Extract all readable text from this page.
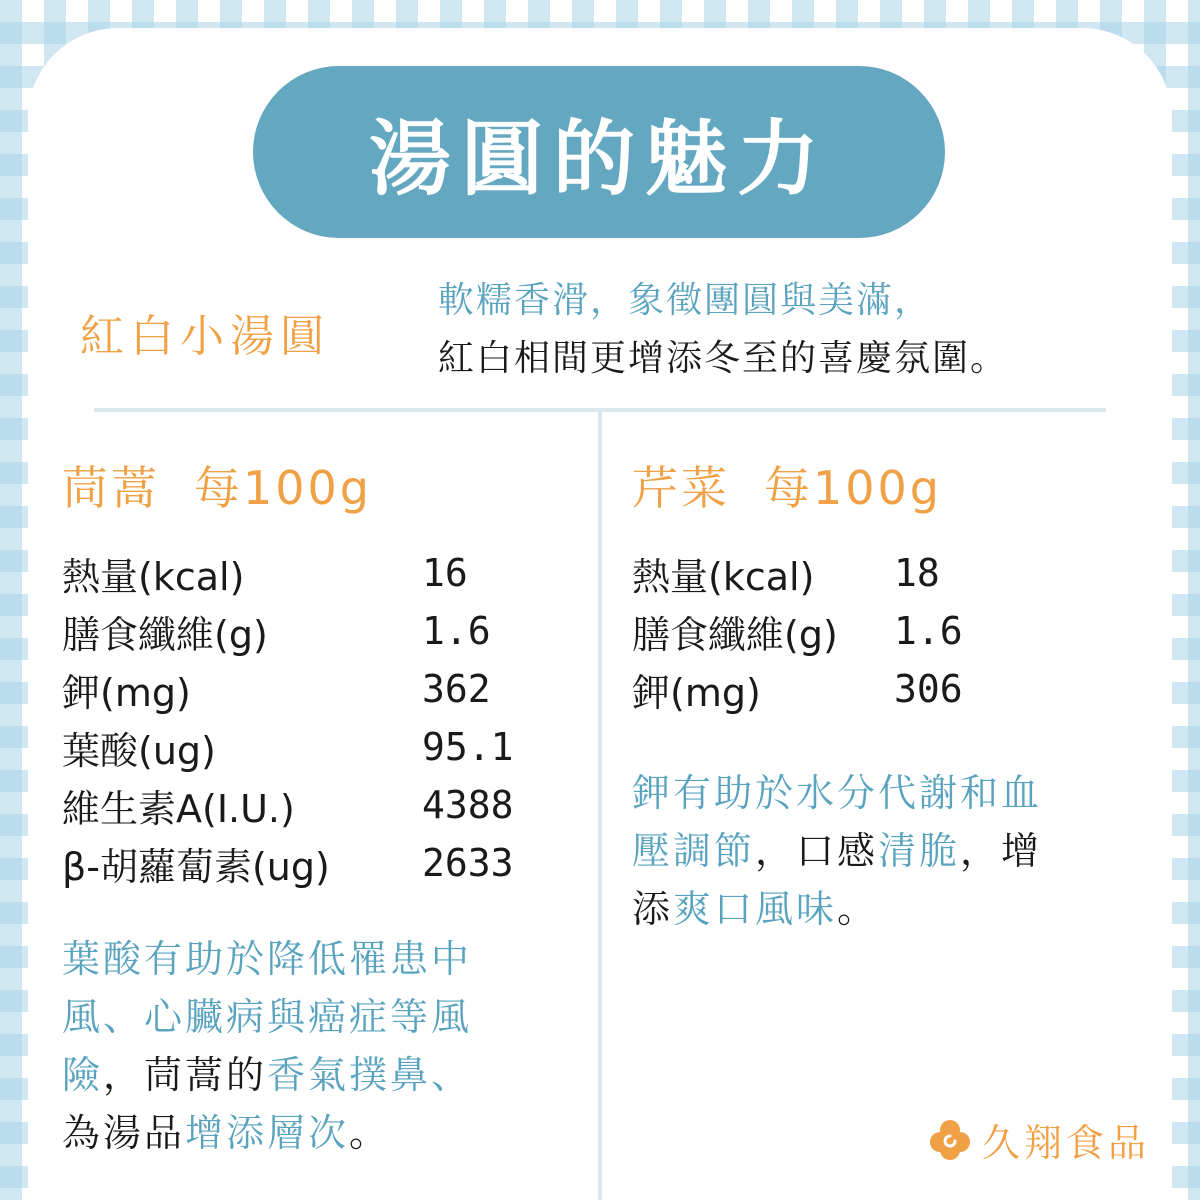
湯圓的魅力
紅白小湯圓
軟糯香滑，象徵團圓與美滿，
紅白相間更增添冬至的喜慶氛圍。
茼蒿 每100g
熱量(kcal)	16
膳食纖維(g)	1.6
鉀(mg)	362
葉酸(ug)	95.1
維生素A(I.U.)	4388
β-胡蘿蔔素(ug)	2633
葉酸有助於降低罹患中
風、心臟病與癌症等風
險，茼蒿的香氣撲鼻、
為湯品增添層次。
芹菜 每100g
熱量(kcal)	18
膳食纖維(g)	1.6
鉀(mg)	306
鉀有助於水分代謝和血
壓調節，口感清脆，增
添爽口風味。
久翔食品
